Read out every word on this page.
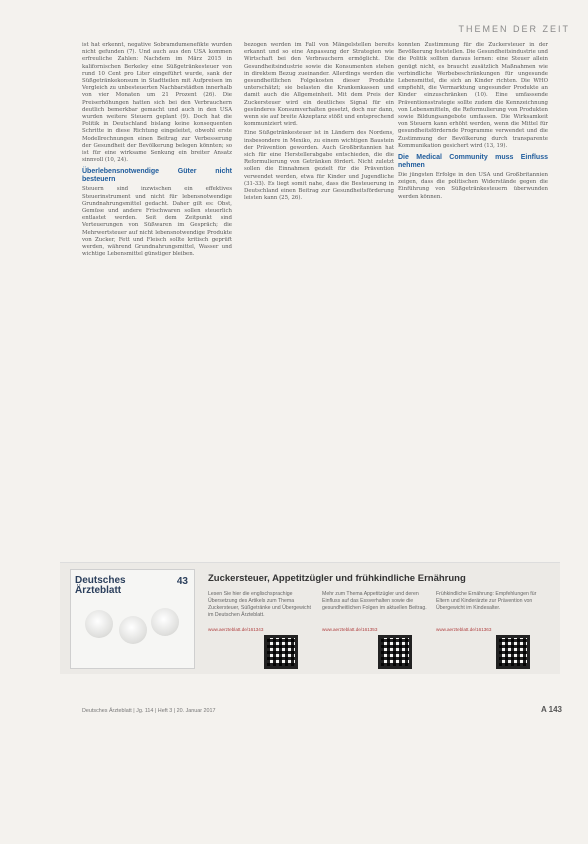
THEMEN DER ZEIT

ist hat erkennt, negative Sobramdumenefikte wurden nicht gefunden (7). Und auch aus den USA kommen erfreuliche Zahlen: Nachdem im März 2015 in kalifornischen Berkeley eine Süßgetränkesteuer von rund 10 Cent pro Liter eingeführt wurde, sank der Süßgetränkekonsum in Stadtteilen mit Aufpreisen im Vergleich zu unbesteuerten Nachbarstädten innerhalb von vier Monaten um 21 Prozent (26). Die Preiserhöhungen hatten sich bei den Verbrauchern deutlich bemerkbar gemacht und auch in den USA wurden weitere Steuern geplant (9). Doch hat die Politik in Deutschland bislang keine konsequenten Schritte in diese Richtung eingeleitet, obwohl erste Modellrechnungen einen Beitrag zur Verbesserung der Gesundheit der Bevölkerung belegen könnten; so ist für eine wirksame Senkung ein breiter Ansatz sinnvoll (10, 24).

Überlebensnotwendige Güter nicht besteuern

Steuern sind inzwischen ein effektives Steuerinstrument und nicht für lebensnotwendige Grundnahrungsmittel gedacht. Daher gilt es: Obst, Gemüse und andere Frischwaren sollen steuerlich entlastet werden. Seit dem Zeitpunkt sind Verteuerungen von Süßwaren im Gespräch; die Mehrwertsteuer auf nicht lebensnotwendige Produkte von Zucker, Fett und Fleisch sollte kritisch geprüft werden, während Grundnahrungsmittel, Wasser und wichtige Lebensmittel günstiger bleiben.

bezogen werden im Fall von Mängelstellen bereits erkannt und so eine Anpassung der Strategien wie Wirtschaft bei den Verbrauchern ermöglicht. Die Gesundheitsindustrie sowie die Konsumenten stehen in direktem Bezug zueinander. Allerdings werden die gesundheitlichen Folgekosten dieser Produkte unterschätzt; sie belasten die Krankenkassen und damit auch die Allgemeinheit. Mit dem Preis der Zuckersteuer wird ein deutliches Signal für ein gesünderes Konsumverhalten gesetzt, doch nur dann, wenn sie auf breite Akzeptanz stößt und entsprechend kommuniziert wird.

Eine Süßgetränkesteuer ist in Ländern des Nordens, insbesondere in Mexiko, zu einem wichtigen Baustein der Prävention geworden. Auch Großbritannien hat sich für eine Herstellerabgabe entschieden, die die Reformulierung von Getränken fördert. Nicht zuletzt sollen die Einnahmen gezielt für die Prävention verwendet werden, etwa für Kinder und Jugendliche (31-33). Es liegt somit nahe, dass die Besteuerung in Deutschland einen Beitrag zur Gesundheitsförderung leisten kann (25, 26).

konnten Zustimmung für die Zuckersteuer in der Bevölkerung feststellen. Die Gesundheitsindustrie und die Politik sollten daraus lernen: eine Steuer allein genügt nicht, es braucht zusätzlich Maßnahmen wie verbindliche Werbebeschränkungen für ungesunde Lebensmittel, die sich an Kinder richten. Die WHO empfiehlt, die Vermarktung ungesunder Produkte an Kinder einzuschränken (10). Eine umfassende Präventionsstrategie sollte zudem die Kennzeichnung von Lebensmitteln, die Reformulierung von Produkten sowie Bildungsangebote umfassen. Die Wirksamkeit von Steuern kann erhöht werden, wenn die Mittel für gesundheitsfördernde Programme verwendet und die Zustimmung der Bevölkerung durch transparente Kommunikation gesichert wird (13, 19).

Die Medical Community muss Einfluss nehmen

Die jüngsten Erfolge in den USA und Großbritannien zeigen, dass die politischen Widerstände gegen die Einführung von Süßgetränkesteuern überwunden werden können.

Deutsches
Ärzteblatt
43 Zuckersteuer, Appetitzügler und frühkindliche Ernährung
Lesen Sie hier die englischsprachige Übersetzung des Artikels zum Thema Zuckersteuer, Süßgetränke und Übergewicht im Deutschen Ärzteblatt.
www.aerzteblatt.de/161343
Mehr zum Thema Appetitzügler und deren Einfluss auf das Essverhalten sowie die gesundheitlichen Folgen im aktuellen Beitrag.
www.aerzteblatt.de/161353
Frühkindliche Ernährung: Empfehlungen für Eltern und Kinderärzte zur Prävention von Übergewicht im Kindesalter.
www.aerzteblatt.de/161363
Deutsches Ärzteblatt | Jg. 114 | Heft 3 | 20. Januar 2017	A 143
